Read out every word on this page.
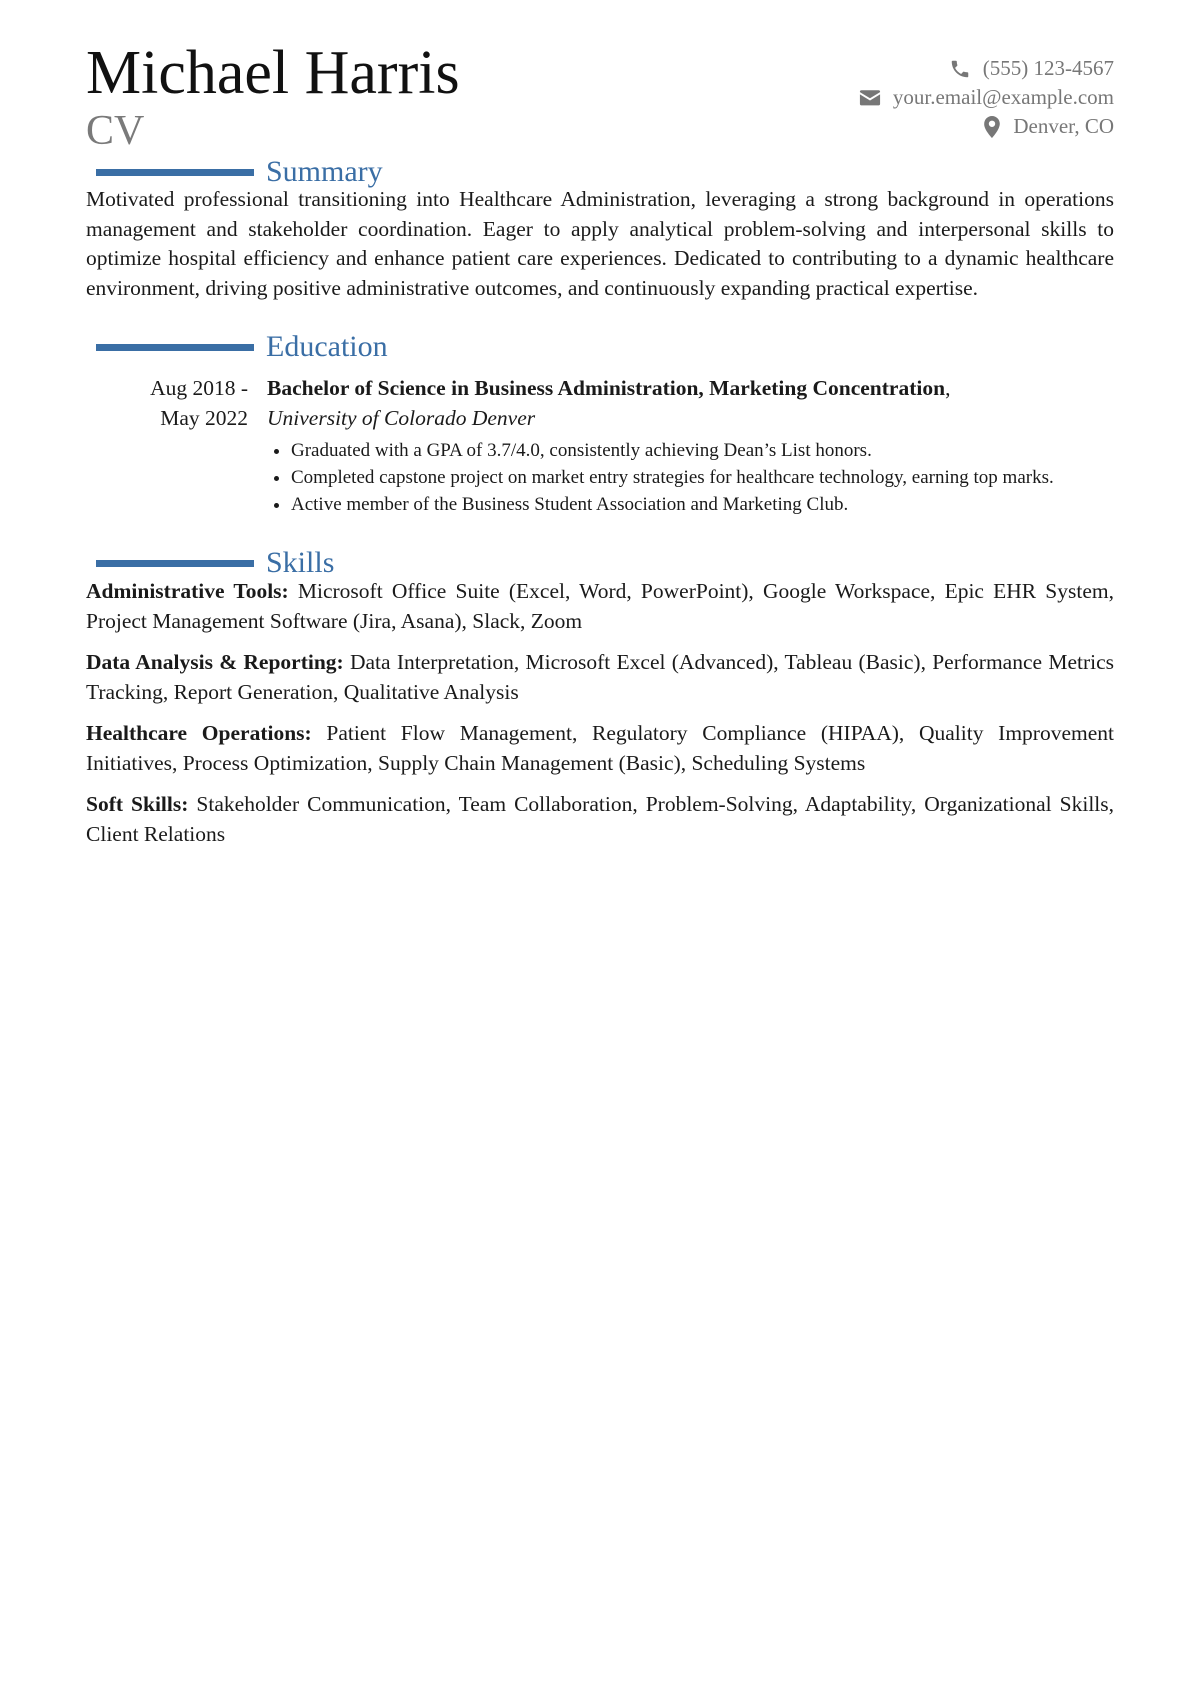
Michael Harris
CV
(555) 123-4567
your.email@example.com
Denver, CO
Summary
Motivated professional transitioning into Healthcare Administration, leveraging a strong background in operations management and stakeholder coordination. Eager to apply analytical problem-solving and interpersonal skills to optimize hospital efficiency and enhance patient care experiences. Dedicated to contributing to a dynamic healthcare environment, driving positive administrative outcomes, and continuously expanding practical expertise.
Education
Aug 2018 -
May 2022
Bachelor of Science in Business Administration, Marketing Concentration,
University of Colorado Denver
• Graduated with a GPA of 3.7/4.0, consistently achieving Dean’s List honors.
• Completed capstone project on market entry strategies for healthcare technology, earning top marks.
• Active member of the Business Student Association and Marketing Club.
Skills

Administrative Tools: Microsoft Office Suite (Excel, Word, PowerPoint), Google Workspace, Epic EHR System, Project Management Software (Jira, Asana), Slack, Zoom

Data Analysis & Reporting: Data Interpretation, Microsoft Excel (Advanced), Tableau (Basic), Performance Metrics Tracking, Report Generation, Qualitative Analysis

Healthcare Operations: Patient Flow Management, Regulatory Compliance (HIPAA), Quality Improvement Initiatives, Process Optimization, Supply Chain Management (Basic), Scheduling Systems

Soft Skills: Stakeholder Communication, Team Collaboration, Problem-Solving, Adaptability, Organizational Skills, Client Relations
